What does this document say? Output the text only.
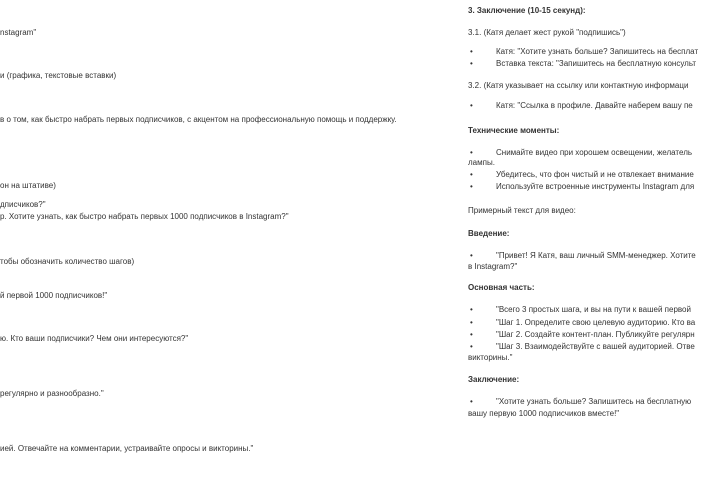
nstagram"
и (графика, текстовые вставки)
в о том, как быстро набрать первых подписчиков, с акцентом на профессиональную помощь и поддержку.
он на штативе)
дписчиков?"
р. Хотите узнать, как быстро набрать первых 1000 подписчиков в Instagram?"
тобы обозначить количество шагов)
й первой 1000 подписчиков!"
ю. Кто ваши подписчики? Чем они интересуются?"
регулярно и разнообразно."
ией. Отвечайте на комментарии, устраивайте опросы и викторины."
3. Заключение (10-15 секунд):
3.1. (Катя делает жест рукой "подпишись")
•	Катя: "Хотите узнать больше? Запишитесь на бесплат
•	Вставка текста: "Запишитесь на бесплатную консульт
3.2. (Катя указывает на ссылку или контактную информаци
•	Катя: "Ссылка в профиле. Давайте наберем вашу пе
Технические моменты:
•	Снимайте видео при хорошем освещении, желатель
лампы.
•	Убедитесь, что фон чистый и не отвлекает внимание
•	Используйте встроенные инструменты Instagram для
Примерный текст для видео:
Введение:
•	"Привет! Я Катя, ваш личный SMM-менеджер. Хотите
в Instagram?"
Основная часть:
•	"Всего 3 простых шага, и вы на пути к вашей первой
•	"Шаг 1. Определите свою целевую аудиторию. Кто ва
•	"Шаг 2. Создайте контент-план. Публикуйте регулярн
•	"Шаг 3. Взаимодействуйте с вашей аудиторией. Отве
викторины."
Заключение:
•	"Хотите узнать больше? Запишитесь на бесплатную
вашу первую 1000 подписчиков вместе!"
